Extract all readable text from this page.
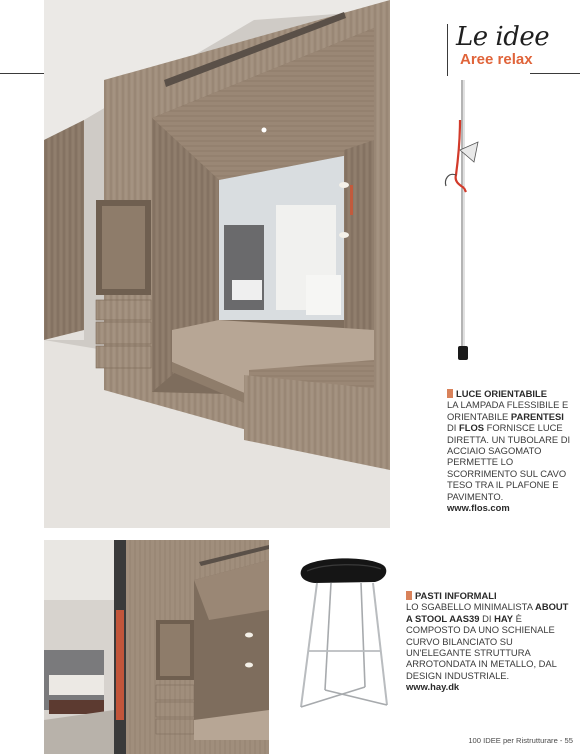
Le idee
Aree relax
LUCE ORIENTABILE
LA LAMPADA FLESSIBILE E ORIENTABILE PARENTESI DI FLOS FORNISCE LUCE DIRETTA. UN TUBOLARE DI ACCIAIO SAGOMATO PERMETTE LO SCORRIMENTO SUL CAVO TESO TRA IL PLAFONE E PAVIMENTO.
www.flos.com
PASTI INFORMALI
LO SGABELLO MINIMALISTA ABOUT A STOOL AAS39 DI HAY È COMPOSTO DA UNO SCHIENALE CURVO BILANCIATO SU UN'ELEGANTE STRUTTURA ARROTONDATA IN METALLO, DAL DESIGN INDUSTRIALE.
www.hay.dk
100 IDEE per Ristrutturare - 55
